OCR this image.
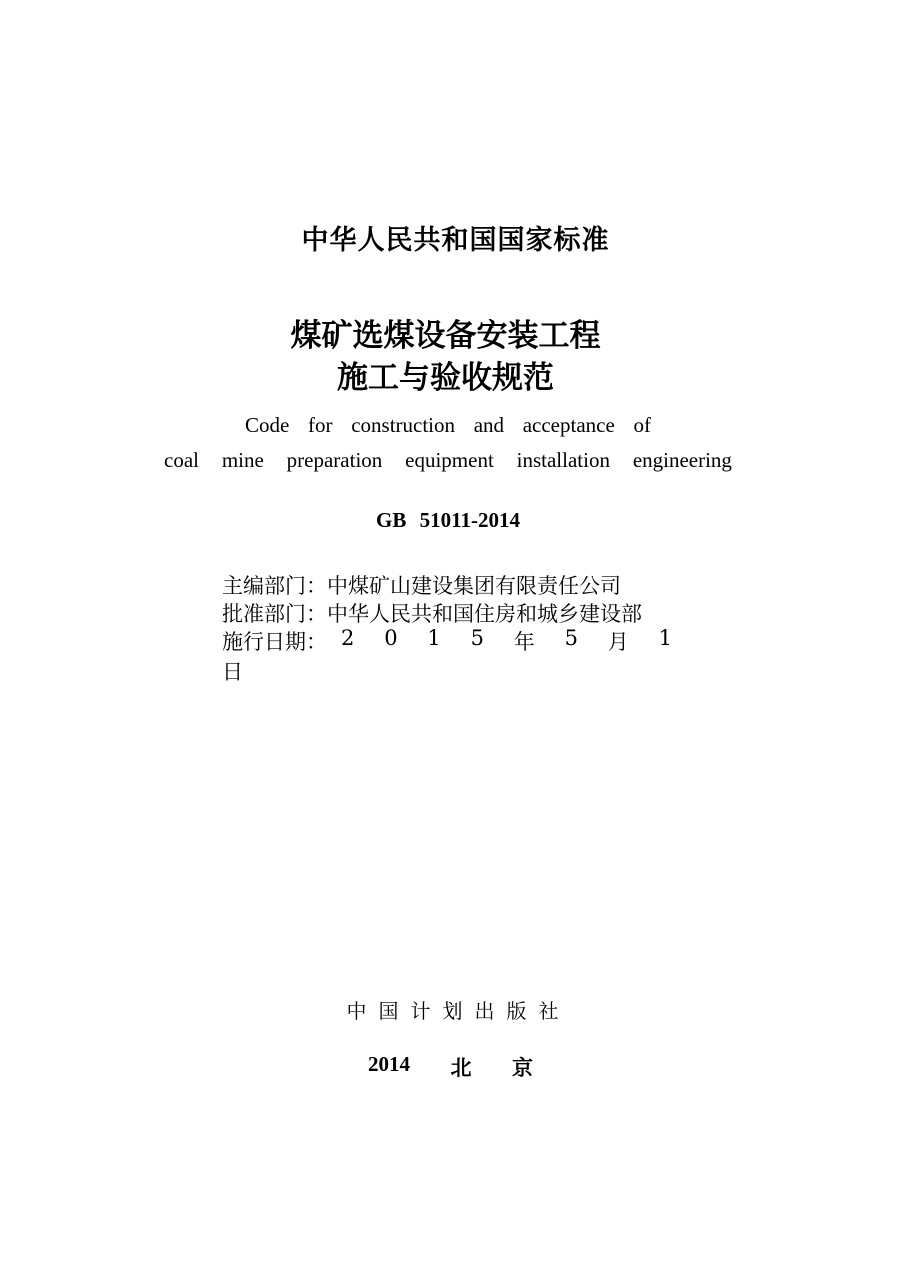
中华人民共和国国家标准
煤矿选煤设备安装工程
施工与验收规范
Code for construction and acceptance of
coal mine preparation equipment installation engineering
GB 51011-2014
主编部门：中煤矿山建设集团有限责任公司
批准部门：中华人民共和国住房和城乡建设部
施行日期： 2 0 1 5 年 5 月 1
日
中国计划出版社
2014 北 京
